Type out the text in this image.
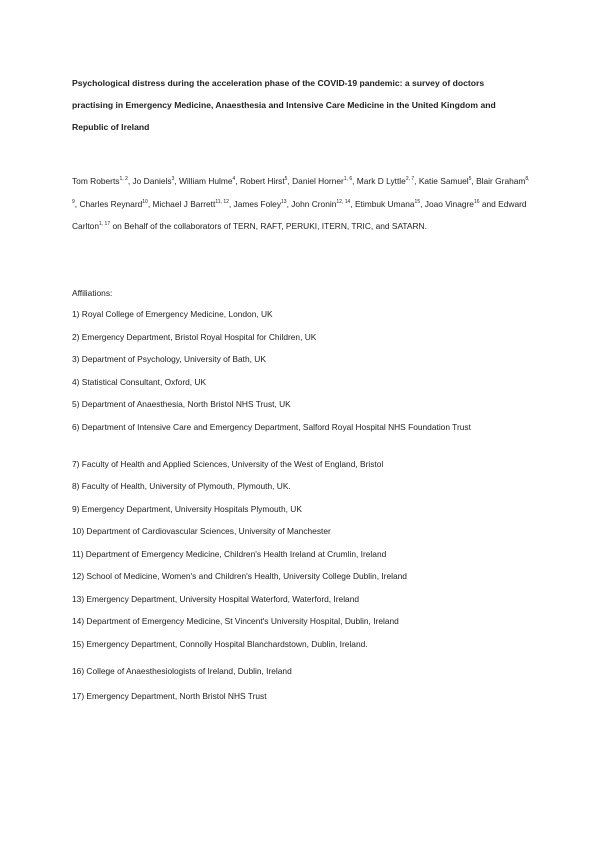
Psychological distress during the acceleration phase of the COVID-19 pandemic: a survey of doctors practising in Emergency Medicine, Anaesthesia and Intensive Care Medicine in the United Kingdom and Republic of Ireland

Tom Roberts$^{1, 2}$, Jo Daniels$^3$, William Hulme$^4$, Robert Hirst$^5$, Daniel Horner$^{1, 6}$, Mark D Lyttle$^{2, 7}$, Katie Samuel$^5$, Blair Graham$^{8, 9}$, Charles Reynard$^{10}$, Michael J Barrett$^{11, 12}$, James Foley$^{13}$, John Cronin$^{12, 14}$, Etimbuk Umana$^{15}$, Joao Vinagre$^{16}$ and Edward Carlton$^{1, 17}$ on Behalf of the collaborators of TERN, RAFT, PERUKI, ITERN, TRIC, and SATARN.

Affiliations:

1) Royal College of Emergency Medicine, London, UK

2) Emergency Department, Bristol Royal Hospital for Children, UK

3) Department of Psychology, University of Bath, UK

4) Statistical Consultant, Oxford, UK

5) Department of Anaesthesia, North Bristol NHS Trust, UK

6) Department of Intensive Care and Emergency Department, Salford Royal Hospital NHS Foundation Trust

7) Faculty of Health and Applied Sciences, University of the West of England, Bristol

8) Faculty of Health, University of Plymouth, Plymouth, UK.

9) Emergency Department, University Hospitals Plymouth, UK

10) Department of Cardiovascular Sciences, University of Manchester

11) Department of Emergency Medicine, Children's Health Ireland at Crumlin, Ireland

12) School of Medicine, Women's and Children's Health, University College Dublin, Ireland

13) Emergency Department, University Hospital Waterford, Waterford, Ireland

14) Department of Emergency Medicine, St Vincent's University Hospital, Dublin, Ireland

15) Emergency Department, Connolly Hospital Blanchardstown, Dublin, Ireland.

16) College of Anaesthesiologists of Ireland, Dublin, Ireland

17) Emergency Department, North Bristol NHS Trust
